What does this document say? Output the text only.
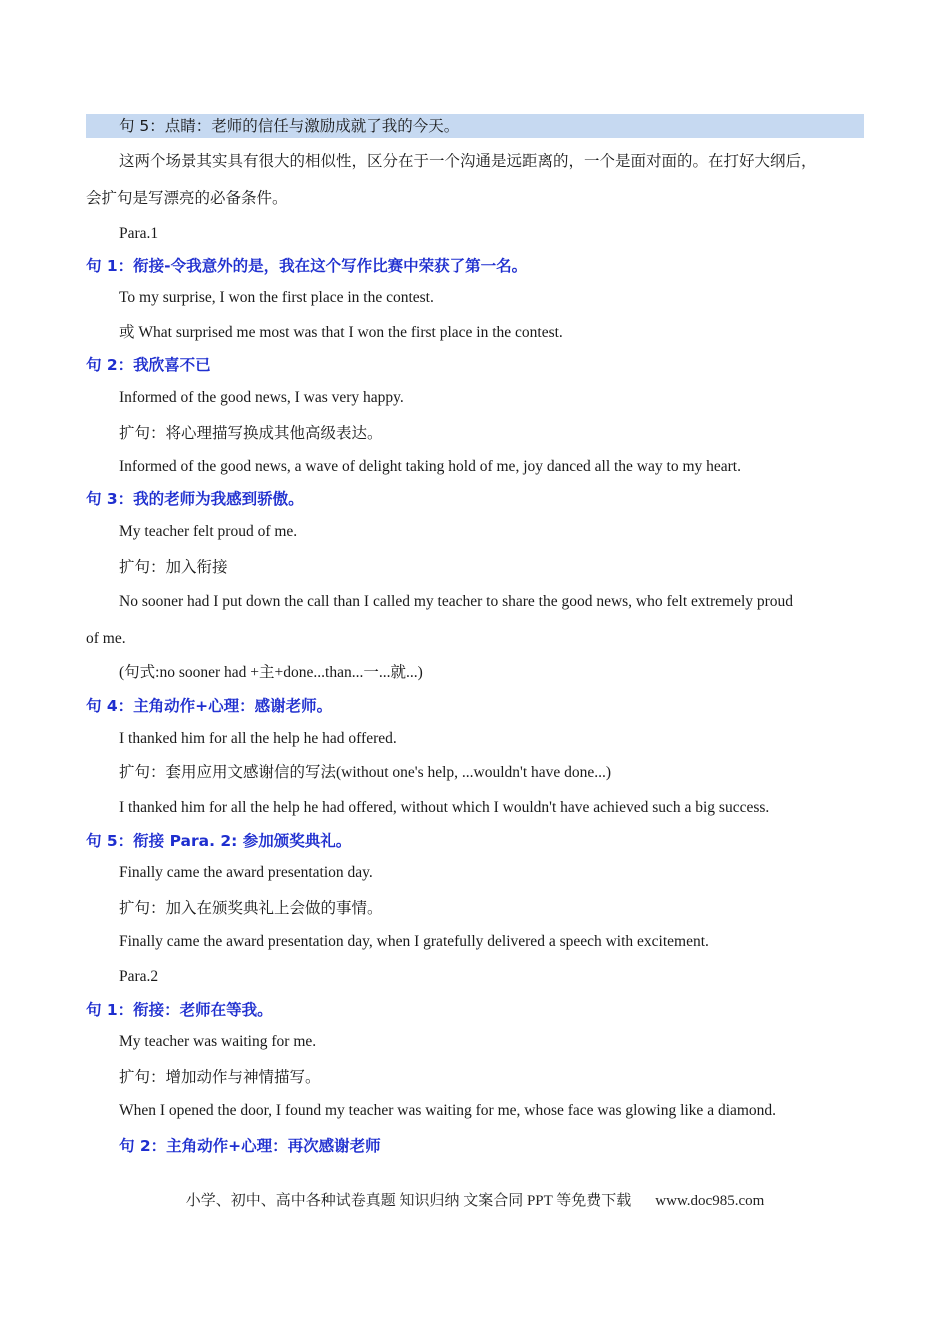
句 5：点睛：老师的信任与激励成就了我的今天。
这两个场景其实具有很大的相似性，区分在于一个沟通是远距离的，一个是面对面的。在打好大纲后，
会扩句是写漂亮的必备条件。
Para.1
句 1：衔接-令我意外的是，我在这个写作比赛中荣获了第一名。
To my surprise, I won the first place in the contest.
或 What surprised me most was that I won the first place in the contest.
句 2：我欣喜不已
Informed of the good news, I was very happy.
扩句：将心理描写换成其他高级表达。
Informed of the good news, a wave of delight taking hold of me, joy danced all the way to my heart.
句 3：我的老师为我感到骄傲。
My teacher felt proud of me.
扩句：加入衔接
No sooner had I put down the call than I called my teacher to share the good news, who felt extremely proud
of me.
(句式:no sooner had +主+done...than...一...就...)
句 4：主角动作+心理：感谢老师。
I thanked him for all the help he had offered.
扩句：套用应用文感谢信的写法(without one's help, ...wouldn't have done...)
I thanked him for all the help he had offered, without which I wouldn't have achieved such a big success.
句 5：衔接 Para. 2: 参加颁奖典礼。
Finally came the award presentation day.
扩句：加入在颁奖典礼上会做的事情。
Finally came the award presentation day, when I gratefully delivered a speech with excitement.
Para.2
句 1：衔接：老师在等我。
My teacher was waiting for me.
扩句：增加动作与神情描写。
When I opened the door, I found my teacher was waiting for me, whose face was glowing like a diamond.
句 2：主角动作+心理：再次感谢老师
小学、初中、高中各种试卷真题 知识归纳 文案合同 PPT 等免费下载 www.doc985.com
